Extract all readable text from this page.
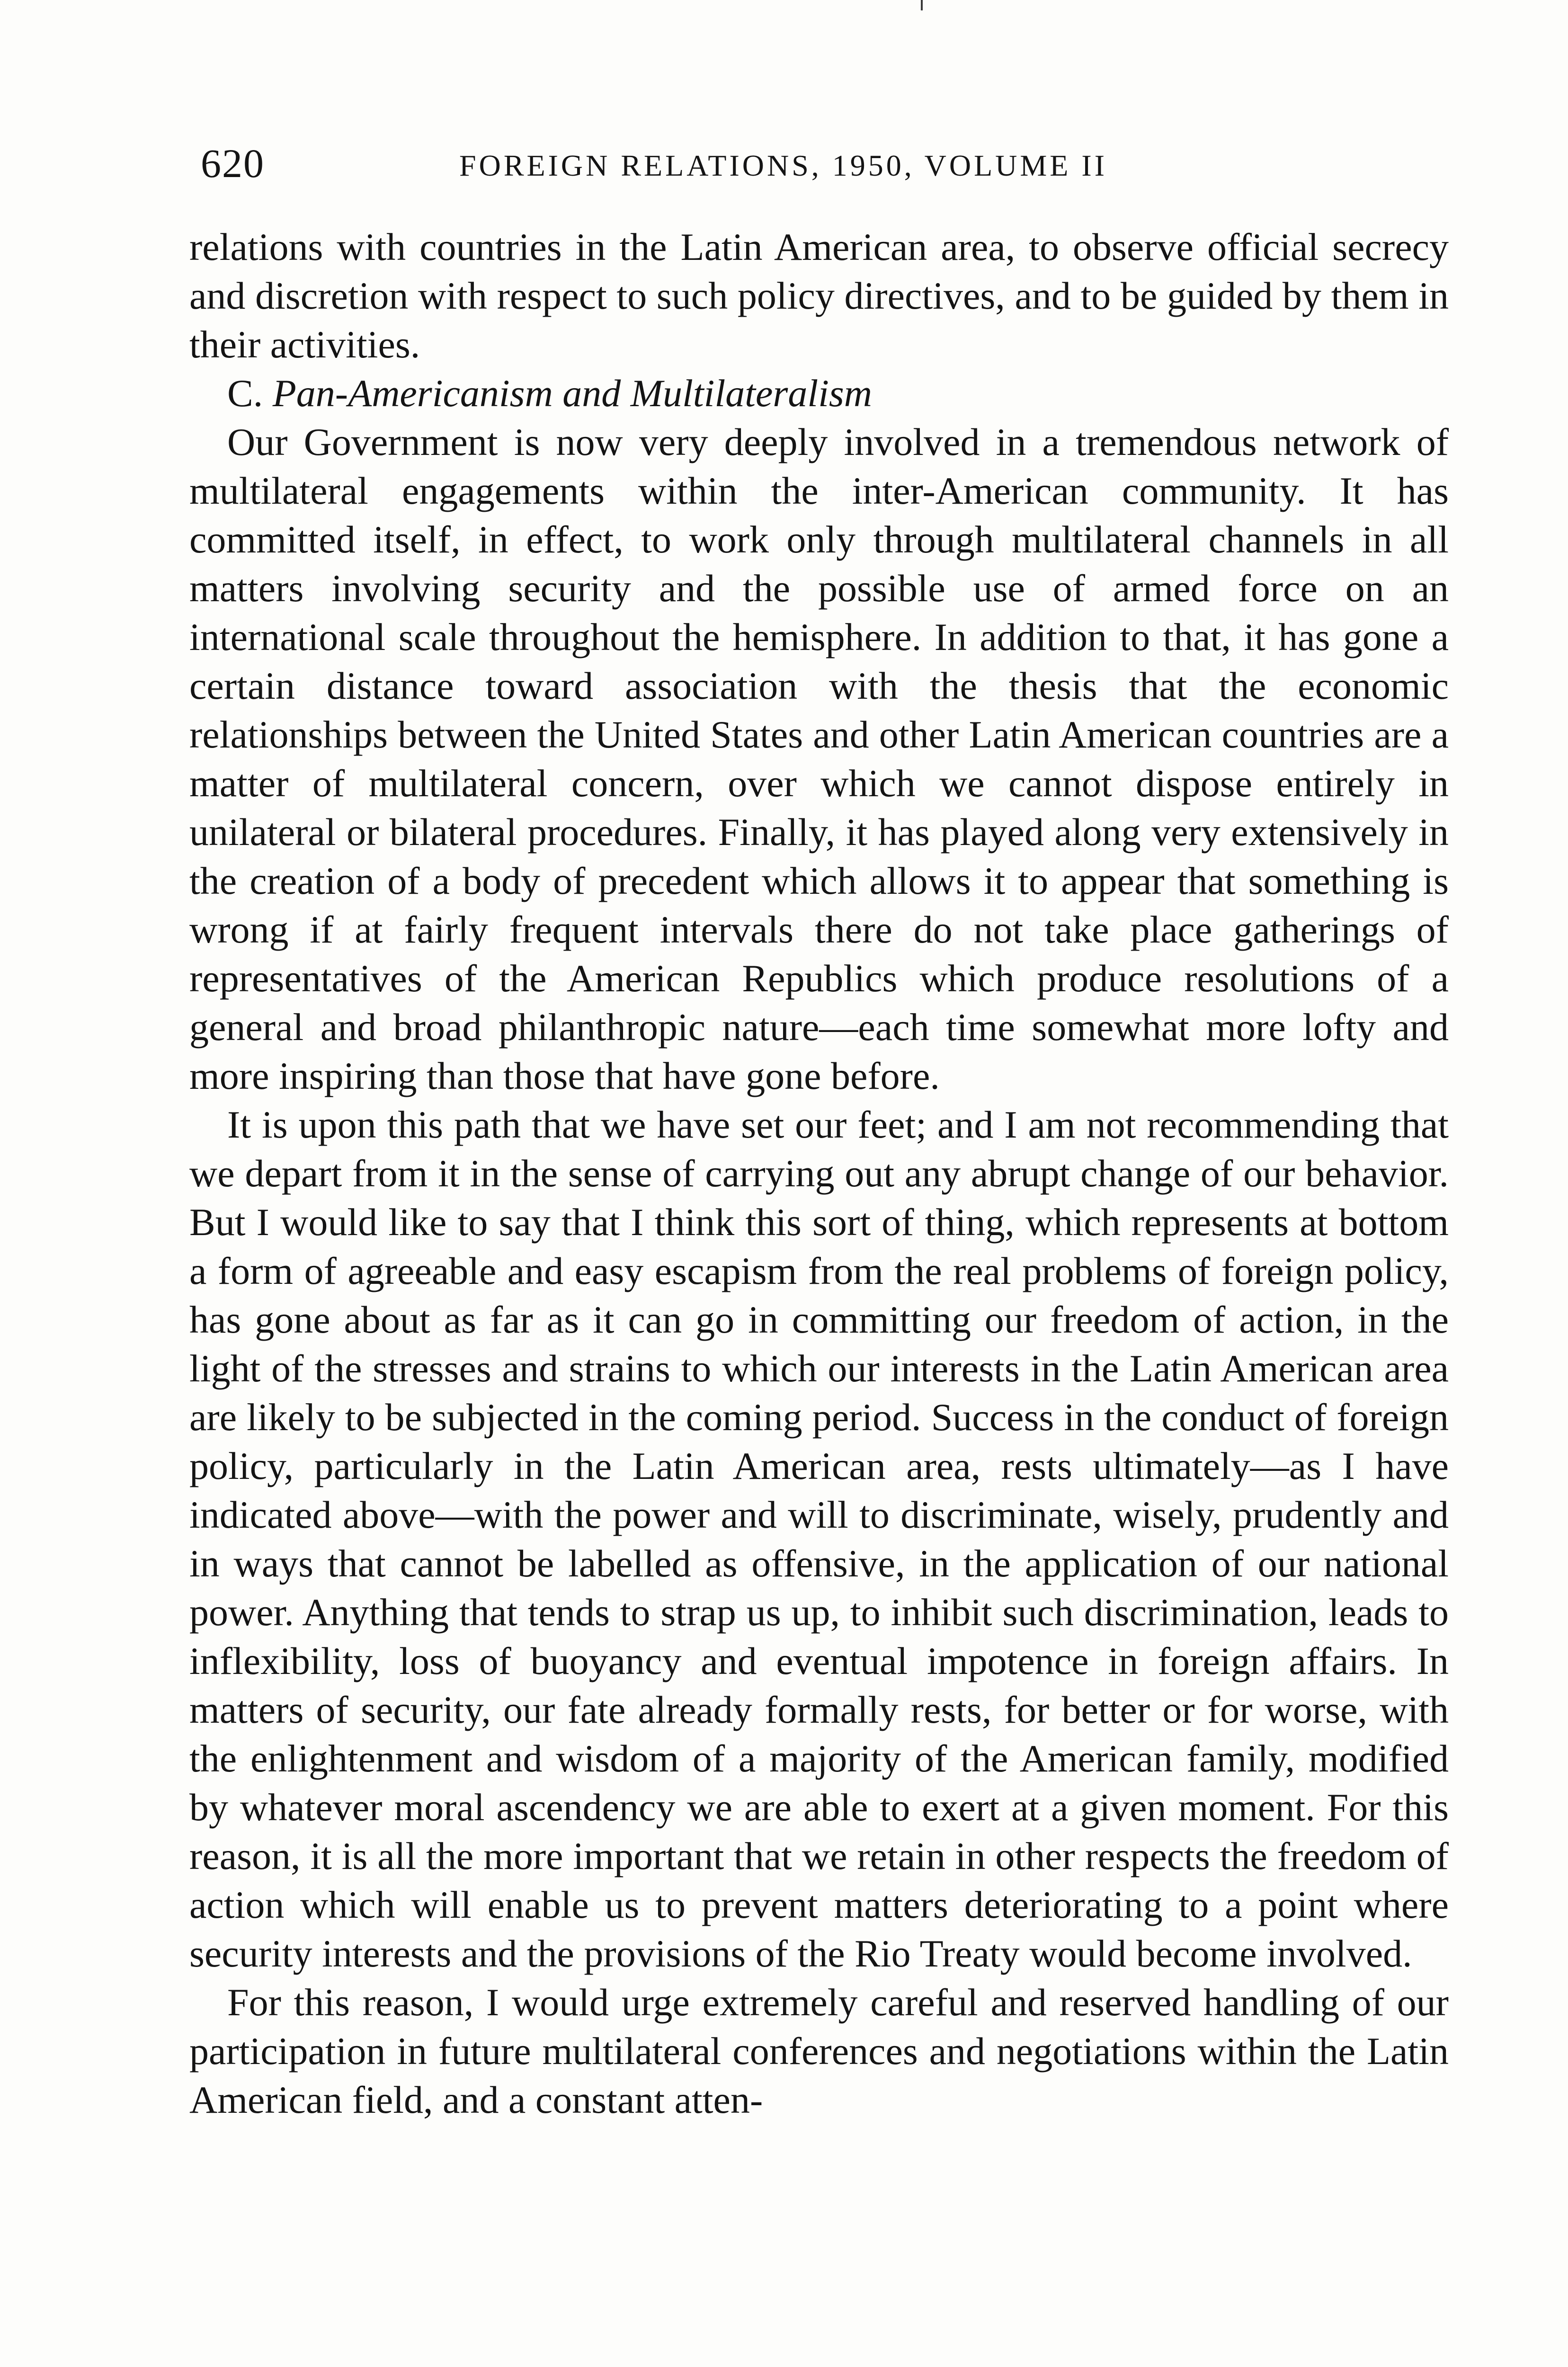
620	FOREIGN RELATIONS, 1950, VOLUME II

relations with countries in the Latin American area, to observe official secrecy and discretion with respect to such policy directives, and to be guided by them in their activities.

C. Pan-Americanism and Multilateralism

Our Government is now very deeply involved in a tremendous network of multilateral engagements within the inter-American community. It has committed itself, in effect, to work only through multilateral channels in all matters involving security and the possible use of armed force on an international scale throughout the hemisphere. In addition to that, it has gone a certain distance toward association with the thesis that the economic relationships between the United States and other Latin American countries are a matter of multilateral concern, over which we cannot dispose entirely in unilateral or bilateral procedures. Finally, it has played along very extensively in the creation of a body of precedent which allows it to appear that something is wrong if at fairly frequent intervals there do not take place gatherings of representatives of the American Republics which produce resolutions of a general and broad philanthropic nature—each time somewhat more lofty and more inspiring than those that have gone before.

It is upon this path that we have set our feet; and I am not recommending that we depart from it in the sense of carrying out any abrupt change of our behavior. But I would like to say that I think this sort of thing, which represents at bottom a form of agreeable and easy escapism from the real problems of foreign policy, has gone about as far as it can go in committing our freedom of action, in the light of the stresses and strains to which our interests in the Latin American area are likely to be subjected in the coming period. Success in the conduct of foreign policy, particularly in the Latin American area, rests ultimately—as I have indicated above—with the power and will to discriminate, wisely, prudently and in ways that cannot be labelled as offensive, in the application of our national power. Anything that tends to strap us up, to inhibit such discrimination, leads to inflexibility, loss of buoyancy and eventual impotence in foreign affairs. In matters of security, our fate already formally rests, for better or for worse, with the enlightenment and wisdom of a majority of the American family, modified by whatever moral ascendency we are able to exert at a given moment. For this reason, it is all the more important that we retain in other respects the freedom of action which will enable us to prevent matters deteriorating to a point where security interests and the provisions of the Rio Treaty would become involved.

For this reason, I would urge extremely careful and reserved handling of our participation in future multilateral conferences and negotiations within the Latin American field, and a constant atten-
